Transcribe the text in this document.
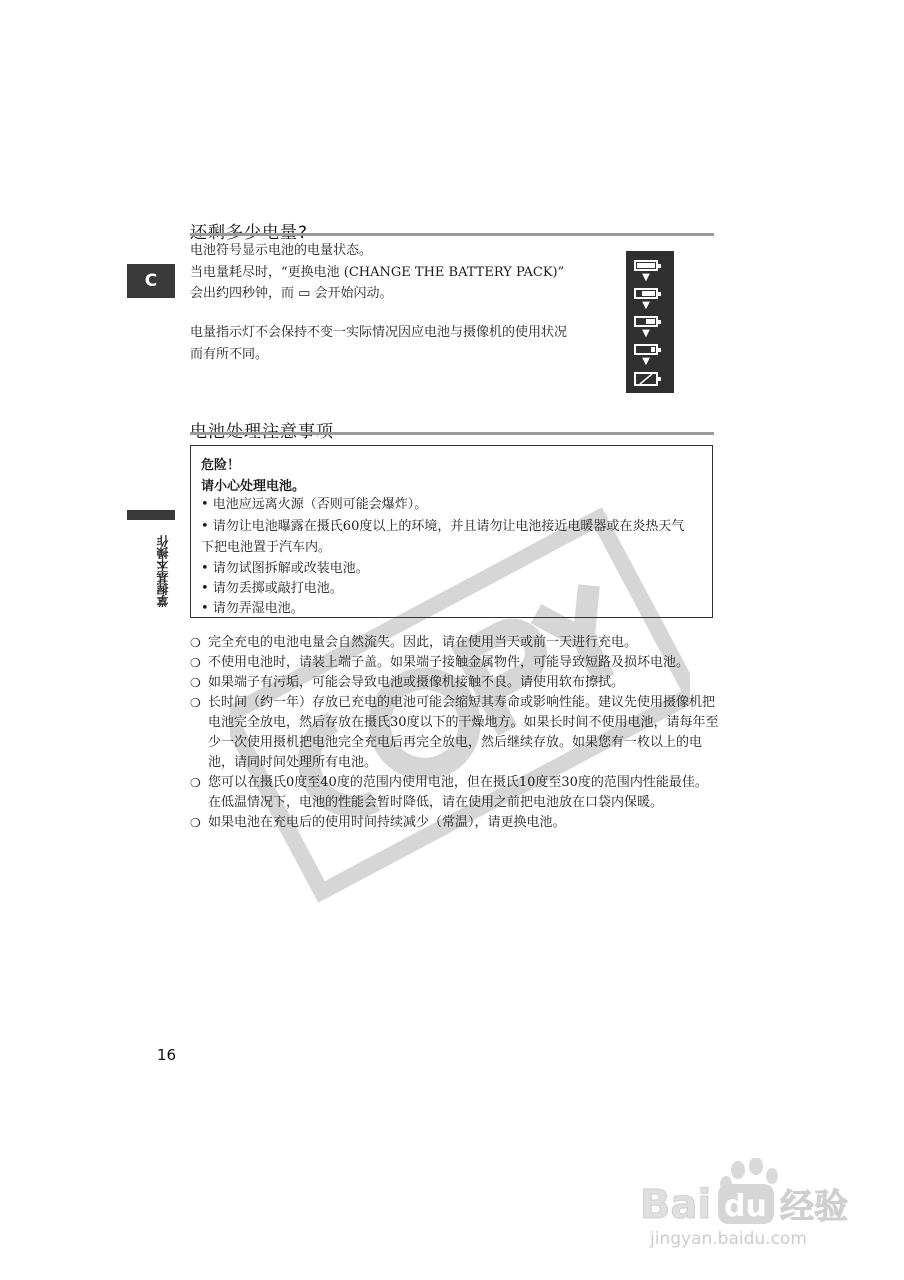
电池符号显示电池的电量状态。
当电量耗尽时，“更换电池 (CHANGE THE BATTERY PACK)”
会出约四秒钟，而 ▭ 会开始闪动。
电量指示灯不会保持不变一实际情况因应电池与摄像机的使用状况
而有所不同。
C
掌握基本操作
▼
▼
▼
▼
危险！
请小心处理电池。
• 电池应远离火源（否则可能会爆炸）。
• 请勿让电池曝露在摄氏60度以上的环境，并且请勿让电池接近电暖器或在炎热天气
下把电池置于汽车内。
• 请勿试图拆解或改装电池。
• 请勿丢掷或敲打电池。
• 请勿弄湿电池。
❍ 完全充电的电池电量会自然流失。因此，请在使用当天或前一天进行充电。
❍ 不使用电池时，请装上端子盖。如果端子接触金属物件，可能导致短路及损坏电池。
❍ 如果端子有污垢，可能会导致电池或摄像机接触不良。请使用软布擦拭。
❍ 长时间（约一年）存放已充电的电池可能会缩短其寿命或影响性能。建议先使用摄像机把电池完全放电，然后存放在摄氏30度以下的干燥地方。如果长时间不使用电池，请每年至少一次使用摄机把电池完全充电后再完全放电，然后继续存放。如果您有一枚以上的电池，请同时间处理所有电池。
❍ 您可以在摄氏0度至40度的范围内使用电池，但在摄氏10度至30度的范围内性能最佳。在低温情况下，电池的性能会暂时降低，请在使用之前把电池放在口袋内保暖。
❍ 如果电池在充电后的使用时间持续减少（常温），请更换电池。
16
Bai du 经验
jingyan.baidu.com
